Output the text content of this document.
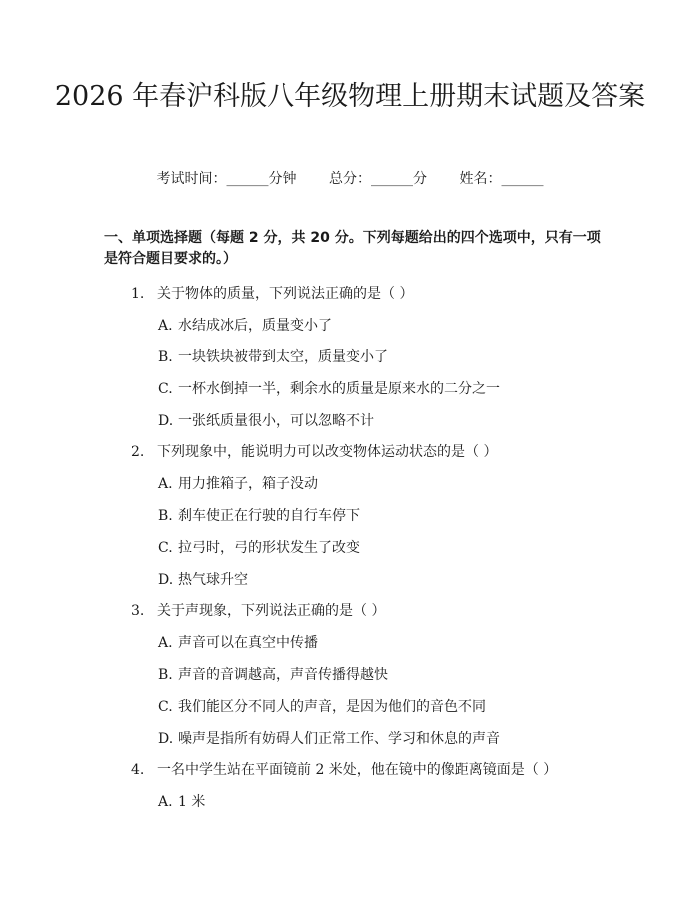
2026 年春沪科版八年级物理上册期末试题及答案
考试时间：______分钟 总分：______分 姓名：______

一、单项选择题（每题 2 分，共 20 分。下列每题给出的四个选项中，只有一项是符合题目要求的。）

1. 关于物体的质量，下列说法正确的是（ ）
A. 水结成冰后，质量变小了
B. 一块铁块被带到太空，质量变小了
C. 一杯水倒掉一半，剩余水的质量是原来水的二分之一
D. 一张纸质量很小，可以忽略不计
2. 下列现象中，能说明力可以改变物体运动状态的是（ ）
A. 用力推箱子，箱子没动
B. 刹车使正在行驶的自行车停下
C. 拉弓时，弓的形状发生了改变
D. 热气球升空
3. 关于声现象，下列说法正确的是（ ）
A. 声音可以在真空中传播
B. 声音的音调越高，声音传播得越快
C. 我们能区分不同人的声音，是因为他们的音色不同
D. 噪声是指所有妨碍人们正常工作、学习和休息的声音
4. 一名中学生站在平面镜前 2 米处，他在镜中的像距离镜面是（ ）
A. 1 米
